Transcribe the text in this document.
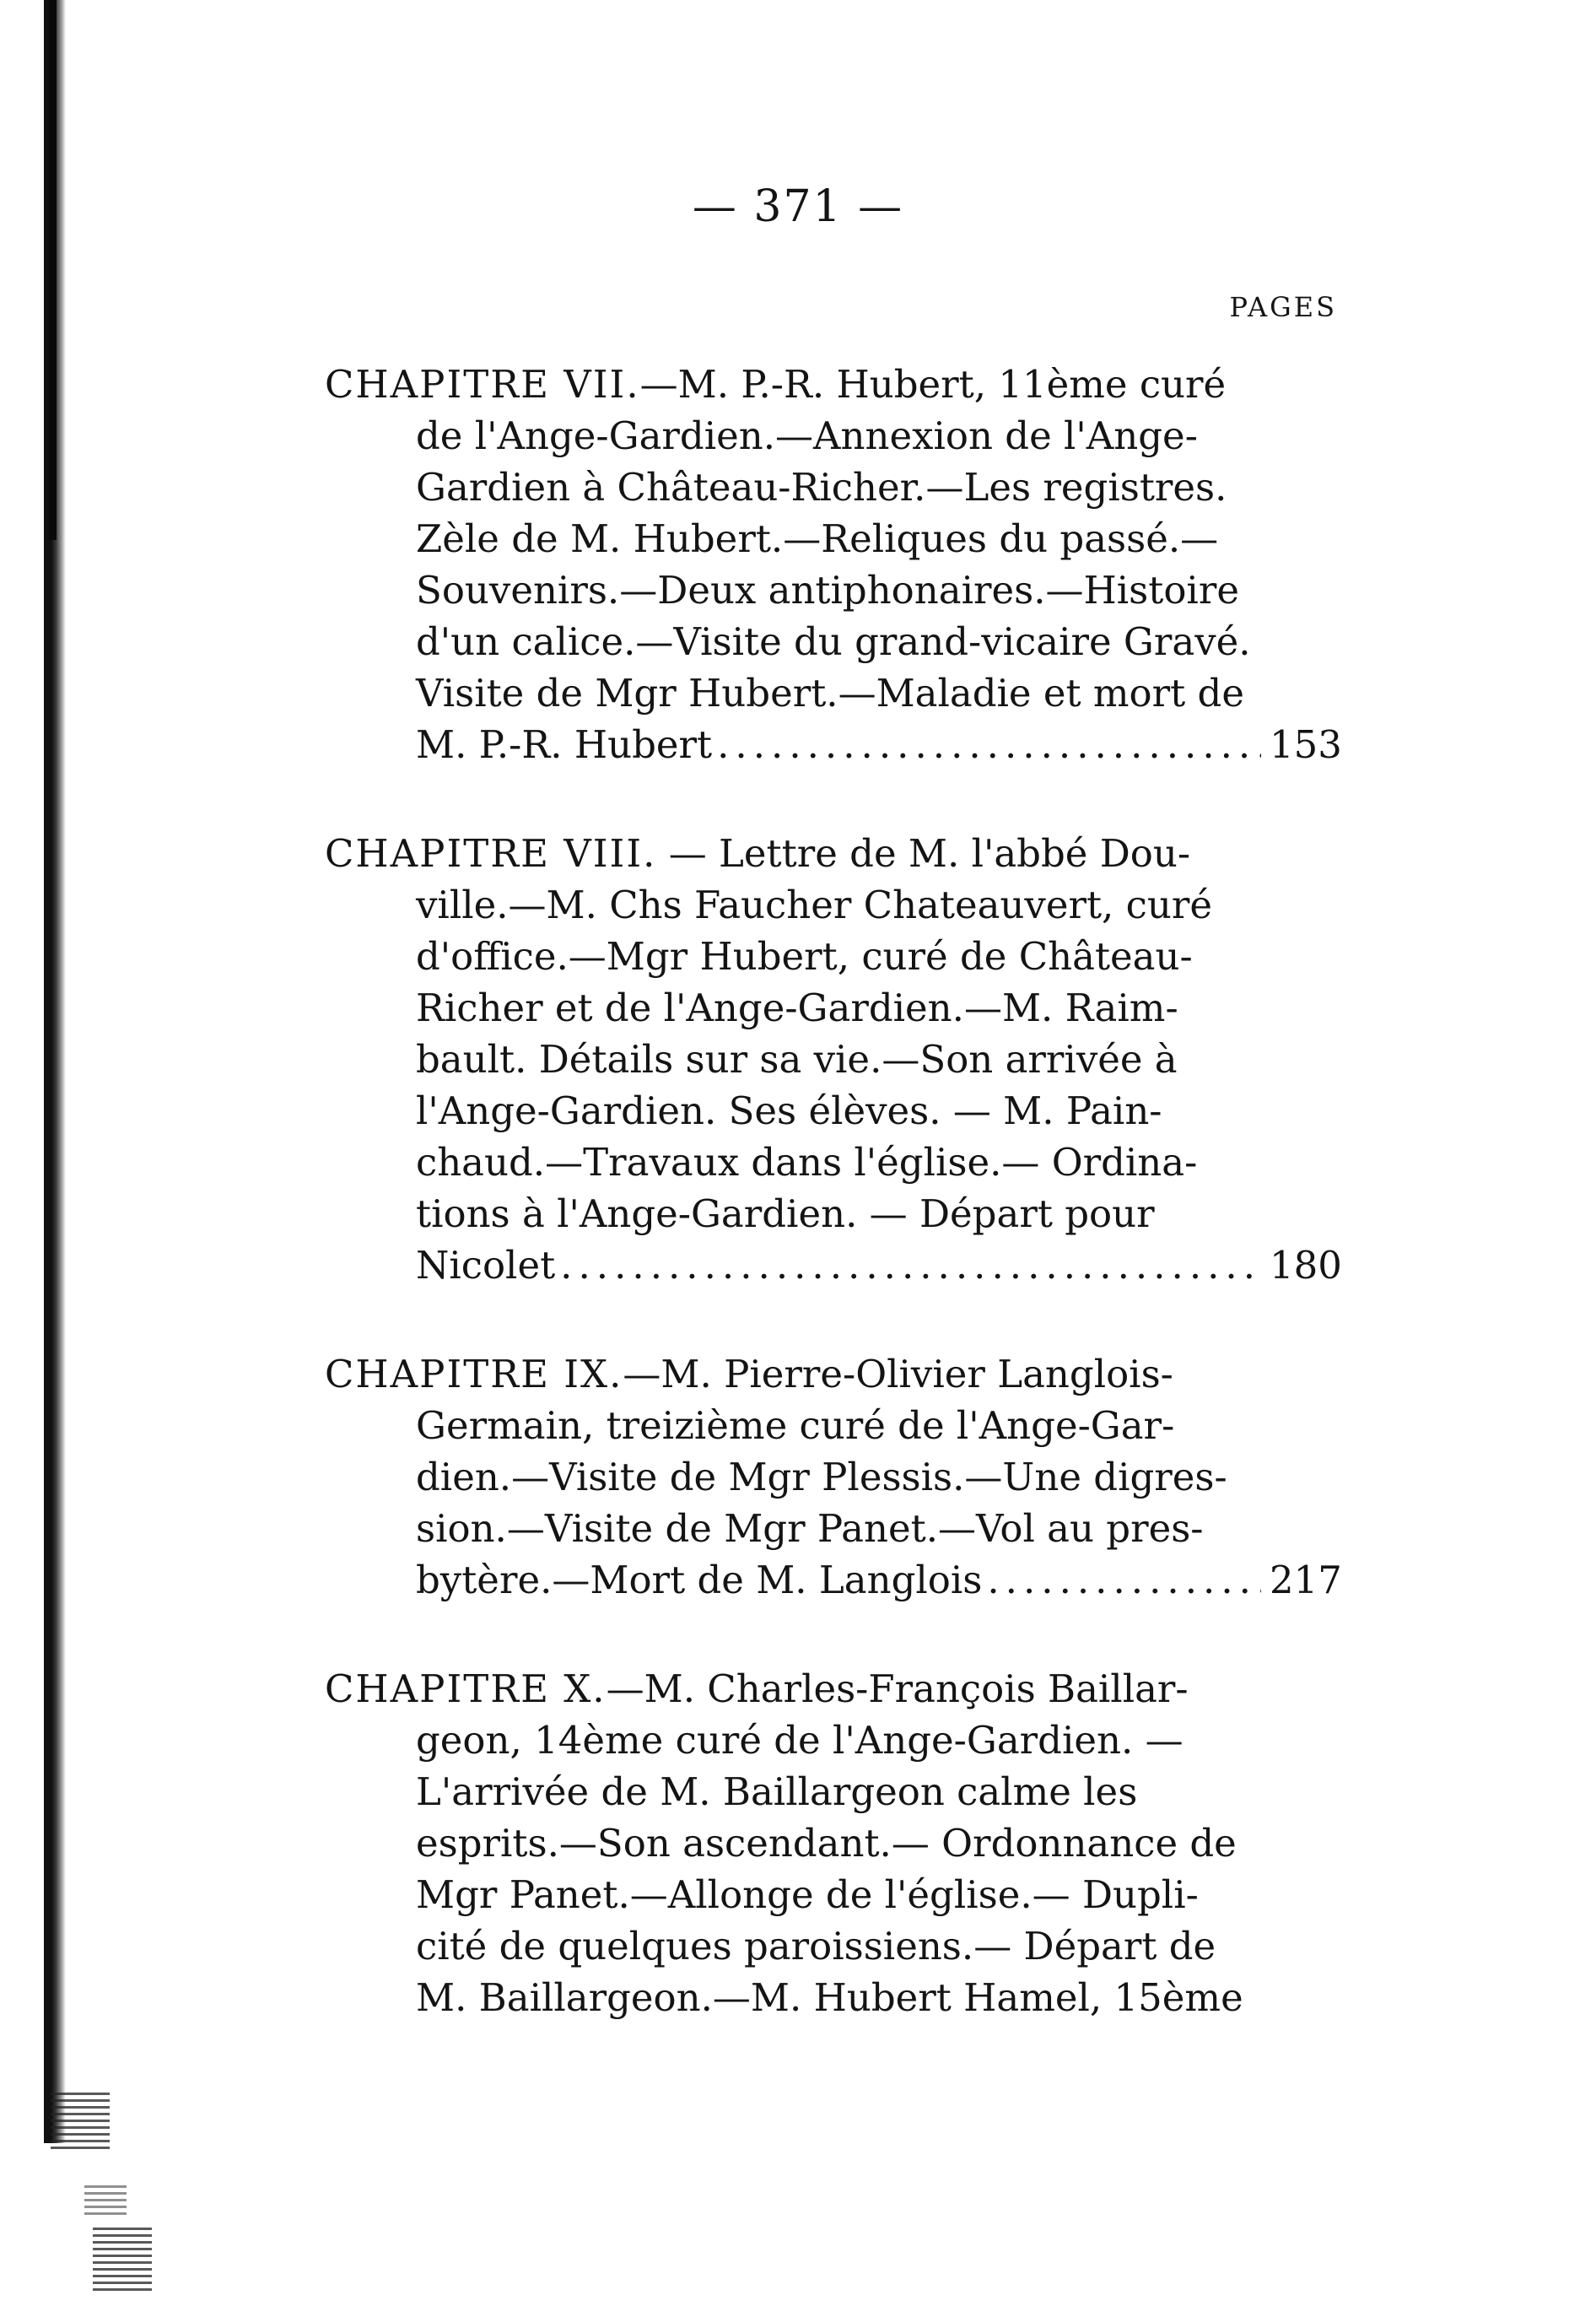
— 371 —
PAGES
CHAPITRE VII.—M. P.-R. Hubert, 11ème curé
de l'Ange-Gardien.—Annexion de l'Ange-
Gardien à Château-Richer.—Les registres.
Zèle de M. Hubert.—Reliques du passé.—
Souvenirs.—Deux antiphonaires.—Histoire
d'un calice.—Visite du grand-vicaire Gravé.
Visite de Mgr Hubert.—Maladie et mort de
M. P.-R. Hubert .....	153
CHAPITRE VIII. — Lettre de M. l'abbé Dou-
ville.—M. Chs Faucher Chateauvert, curé
d'office.—Mgr Hubert, curé de Château-
Richer et de l'Ange-Gardien.—M. Raim-
bault. Détails sur sa vie.—Son arrivée à
l'Ange-Gardien. Ses élèves. — M. Pain-
chaud.—Travaux dans l'église.— Ordina-
tions à l'Ange-Gardien. — Départ pour
Nicolet .....	180
CHAPITRE IX.—M. Pierre-Olivier Langlois-
Germain, treizième curé de l'Ange-Gar-
dien.—Visite de Mgr Plessis.—Une digres-
sion.—Visite de Mgr Panet.—Vol au pres-
bytère.—Mort de M. Langlois .....	217
CHAPITRE X.—M. Charles-François Baillar-
geon, 14ème curé de l'Ange-Gardien. —
L'arrivée de M. Baillargeon calme les
esprits.—Son ascendant.— Ordonnance de
Mgr Panet.—Allonge de l'église.— Dupli-
cité de quelques paroissiens.— Départ de
M. Baillargeon.—M. Hubert Hamel, 15ème
